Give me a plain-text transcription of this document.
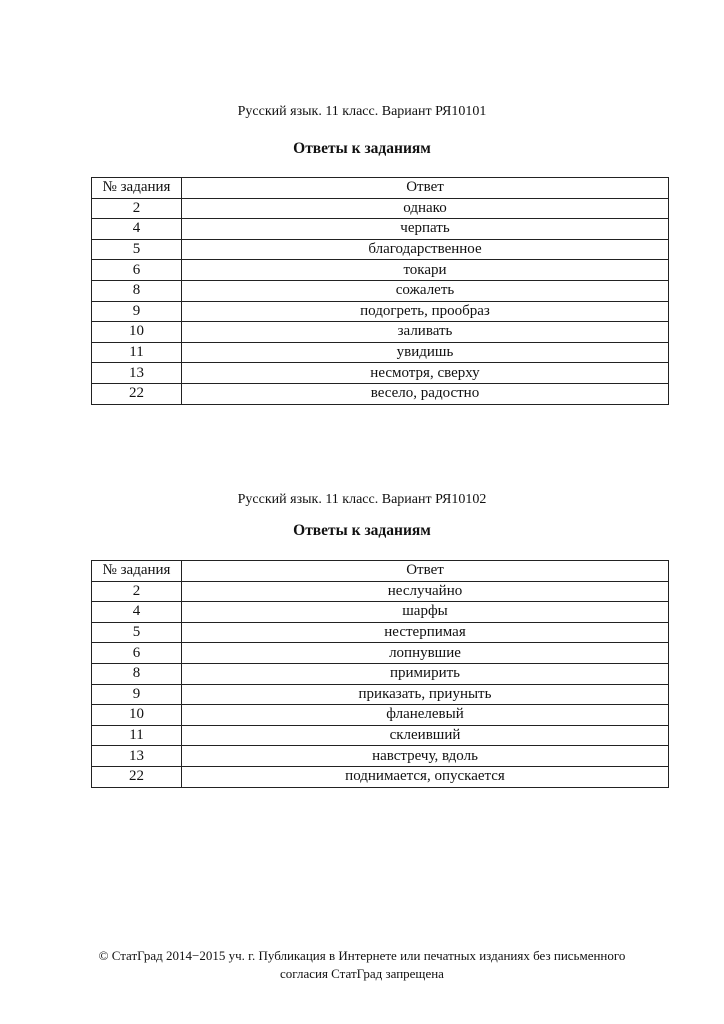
Русский язык. 11 класс. Вариант РЯ10101
Ответы к заданиям
№ задания	Ответ
2	однако
4	черпать
5	благодарственное
6	токари
8	сожалеть
9	подогреть, прообраз
10	заливать
11	увидишь
13	несмотря, сверху
22	весело, радостно
Русский язык. 11 класс. Вариант РЯ10102
Ответы к заданиям
№ задания	Ответ
2	неслучайно
4	шарфы
5	нестерпимая
6	лопнувшие
8	примирить
9	приказать, приуныть
10	фланелевый
11	склеивший
13	навстречу, вдоль
22	поднимается, опускается
© СтатГрад 2014−2015 уч. г. Публикация в Интернете или печатных изданиях без письменного
согласия СтатГрад запрещена
